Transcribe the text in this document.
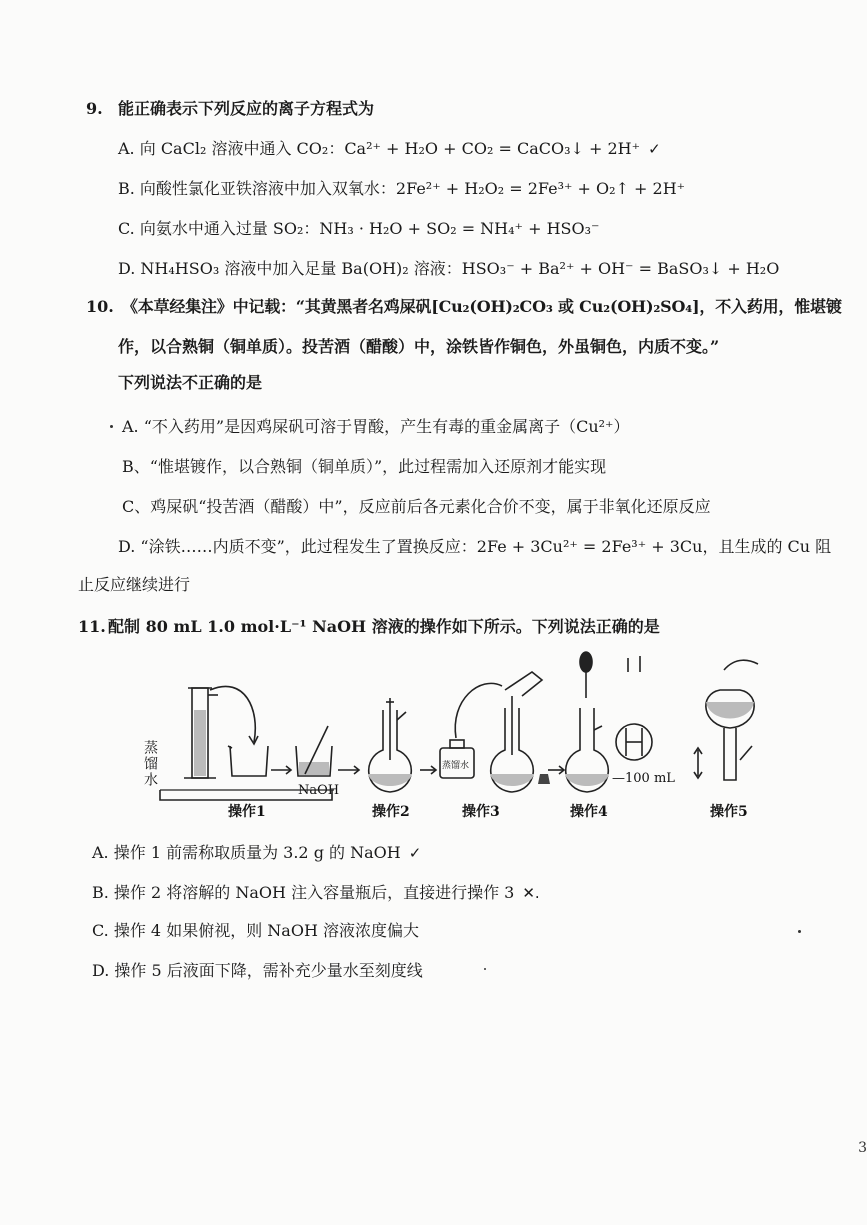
9. 能正确表示下列反应的离子方程式为
A. 向 CaCl₂ 溶液中通入 CO₂：Ca²⁺ + H₂O + CO₂ = CaCO₃↓ + 2H⁺ ✓
B. 向酸性氯化亚铁溶液中加入双氧水：2Fe²⁺ + H₂O₂ = 2Fe³⁺ + O₂↑ + 2H⁺
C. 向氨水中通入过量 SO₂：NH₃ · H₂O + SO₂ = NH₄⁺ + HSO₃⁻
D. NH₄HSO₃ 溶液中加入足量 Ba(OH)₂ 溶液：HSO₃⁻ + Ba²⁺ + OH⁻ = BaSO₃↓ + H₂O
10. 《本草经集注》中记载：“其黄黑者名鸡屎矾[Cu₂(OH)₂CO₃ 或 Cu₂(OH)₂SO₄]，不入药用，惟堪镀
作，以合熟铜（铜单质）。投苦酒（醋酸）中，涂铁皆作铜色，外虽铜色，内质不变。”
下列说法不正确的是
A. “不入药用”是因鸡屎矾可溶于胃酸，产生有毒的重金属离子（Cu²⁺）
B、“惟堪镀作，以合熟铜（铜单质）”，此过程需加入还原剂才能实现
C、鸡屎矾“投苦酒（醋酸）中”，反应前后各元素化合价不变，属于非氧化还原反应
D. “涂铁……内质不变”，此过程发生了置换反应：2Fe + 3Cu²⁺ = 2Fe³⁺ + 3Cu，且生成的 Cu 阻
止反应继续进行
11. 配制 80 mL 1.0 mol·L⁻¹ NaOH 溶液的操作如下所示。下列说法正确的是
蒸馏水
NaOH
操作1	操作2
蒸馏水
操作3
—100 mL
操作4	操作5
A. 操作 1 前需称取质量为 3.2 g 的 NaOH ✓
B. 操作 2 将溶解的 NaOH 注入容量瓶后，直接进行操作 3 ✕.
C. 操作 4 如果俯视，则 NaOH 溶液浓度偏大
D. 操作 5 后液面下降，需补充少量水至刻度线
3
